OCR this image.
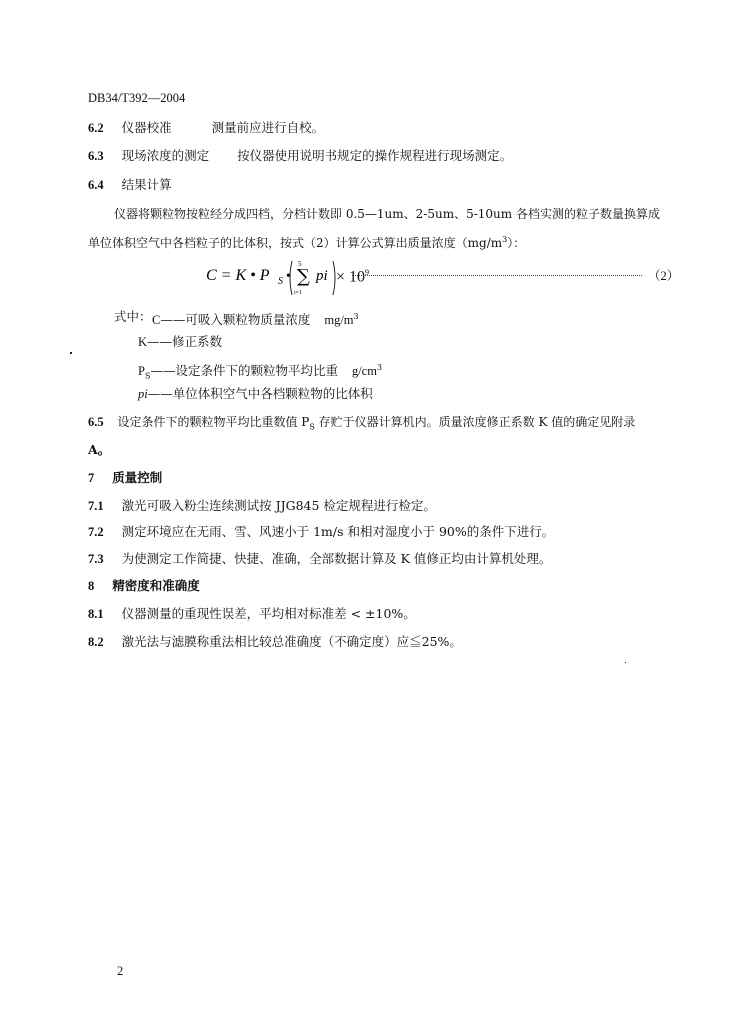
DB34/T392—2004
6.2 仪器校准	测量前应进行自校。
6.3 现场浓度的测定 按仪器使用说明书规定的操作规程进行现场测定。
6.4 结果计算
仪器将颗粒物按粒经分成四档，分档计数即 0.5—1um、2-5um、5-10um 各档实测的粒子数量换算成
单位体积空气中各档粒子的比体积，按式（2）计算公式算出质量浓度$(mg/m^3)$：
C = K • P S •
5
∑
i=1
pi × $10^9$	（2）
式中： C——可吸入颗粒物质量浓度 $mg/m^3$
K——修正系数
$P_S——$设定条件下的颗粒物平均比重 $g/cm^3$
pi——单位体积空气中各档颗粒物的比体积
6.5 设定条件下的颗粒物平均比重数值 $P_S$ 存贮于仪器计算机内。质量浓度修正系数 K 值的确定见附录
A。
7 质量控制
7.1 激光可吸入粉尘连续测试按 JJG845 检定规程进行检定。
7.2 测定环境应在无雨、雪、风速小于 1m/s 和相对湿度小于 90%的条件下进行。
7.3 为使测定工作简捷、快捷、准确，全部数据计算及 K 值修正均由计算机处理。
8 精密度和准确度
8.1 仪器测量的重现性误差，平均相对标准差 < ±10%。
8.2 激光法与滤膜称重法相比较总准确度（不确定度）应≦25%。
2
